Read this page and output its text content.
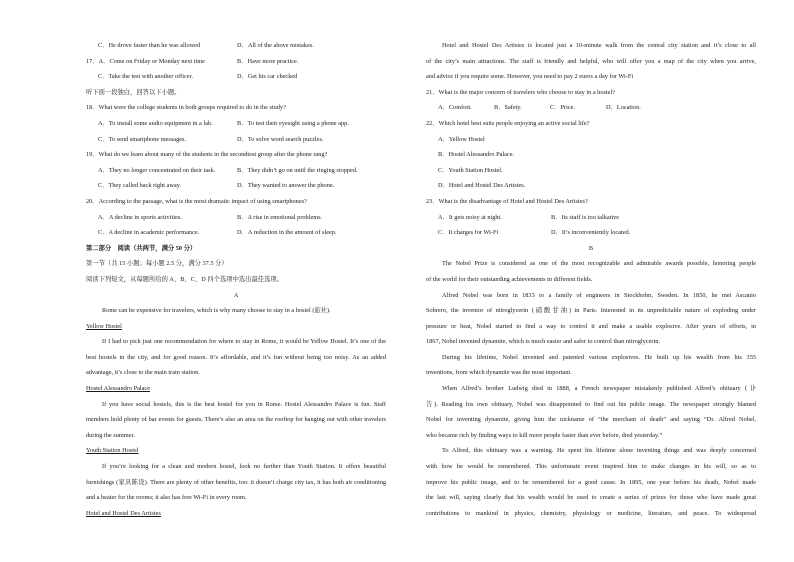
C．He drove faster than he was allowed	D．All of the above mistakes.
17．A．Come on Friday or Monday next time	B．Have more practice.
C．Take the test with another officer.	D．Get his car checked
听下面一段独白，回答以下小题。
18．What were the college students in both groups required to do in the study?
A．To install some audio equipment in a lab.	B．To test their eyesight using a phone app.
C．To send smartphone messages.	D．To solve word search puzzles.
19．What do we learn about many of the students in the secondtest group after the phone rang?
A．They no longer concentrated on their task.	B．They didn’t go on until the ringing stopped.
C．They called back right away.	D．They wanted to answer the phone.
20．According to the passage, what is the most dramatic impact of using smartphones?
A．A decline in sports activities.	B．A rise in emotional problems.
C．A decline in academic performance.	D．A reduction in the amount of sleep.
第二部分　阅读（共两节，满分 50 分）
第一节（共 15 小题；每小题 2.5 分，满分 37.5 分）
阅读下列短文，从每题所给的 A、B、C、D 四个选项中选出最佳选项。
A
Rome can be expensive for travelers, which is why many choose to stay in a hostel (旅社).
Yellow Hostel
If I had to pick just one recommendation for where to stay in Rome, it would be Yellow Hostel. It’s one of the
best hostels in the city, and for good reason. It’s affordable, and it’s fun without being too noisy. As an added
advantage, it’s close to the main train station.
Hostel Alessandro Palace
If you have social hostels, this is the best hostel for you in Rome. Hostel Alessandro Palace is fun. Staff
members hold plenty of bar events for guests. There’s also an area on the rooftop for hanging out with other travelers
during the summer.
Youth Station Hostel
If you’re looking for a clean and modern hostel, look no further than Youth Station. It offers beautiful
furnishings (家具陈设). There are plenty of other benefits, too: it doesn’t charge city tax, it has both air conditioning
and a heater for the rooms; it also has free Wi-Fi in every room.
Hotel and Hostel Des Artistes
Hotel and Hostel Des Artistes is located just a 10-minute walk from the central city station and it’s close to all
of the city’s main attractions. The staff is friendly and helpful, who will offer you a map of the city when you arrive,
and advice if you require some. However, you need to pay 2 euros a day for Wi-Fi
21．What is the major concern of travelers who choose to stay in a hostel?
A．Comfort.	B．Safety.	C．Price.	D．Location.
22．Which hotel best suits people enjoying an active social life?
A．Yellow Hostel
B．Hostel Alessandro Palace.
C．Youth Station Hostel.
D．Hotel and Hostel Des Artistes.
23．What is the disadvantage of Hotel and Hostel Des Artistes?
A．It gets noisy at night.	B．Its staff is too talkative
C．It charges for Wi-Fi	D．It’s inconveniently located.
B
The Nobel Prize is considered as one of the most recognizable and admirable awards possible, honoring people
of the world for their outstanding achievements in different fields.
Alfred Nobel was born in 1833 to a family of engineers in Stockholm, Sweden. In 1850, he met Ascanio
Sobrero, the inventor of nitroglycerin (硝酸甘油) in Paris. Interested in its unpredictable nature of exploding under
pressure or heat, Nobel started to find a way to control it and make a usable explosive. After years of efforts, in
1867, Nobel invented dynamite, which is much easier and safer to control than nitroglycerin.
During his lifetime, Nobel invented and patented various explosives. He built up his wealth from his 355
inventions, from which dynamite was the most important.
When Alfred’s brother Ludwig died in 1888, a French newspaper mistakenly published Alfred’s obituary (讣
告). Reading his own obituary, Nobel was disappointed to find out his public image. The newspaper strongly blamed
Nobel for inventing dynamite, giving him the nickname of “the merchant of death” and saying “Dr. Alfred Nobel,
who became rich by finding ways to kill more people faster than ever before, died yesterday.”
To Alfred, this obituary was a warning. He spent his lifetime alone inventing things and was deeply concerned
with how he would be remembered. This unfortunate event inspired him to make changes in his will, so as to
improve his public image, and to be remembered for a good cause. In 1895, one year before his death, Nobel made
the last will, saying clearly that his wealth would be used to create a series of prizes for those who have made great
contributions to mankind in physics, chemistry, physiology or medicine, literature, and peace. To widespread
